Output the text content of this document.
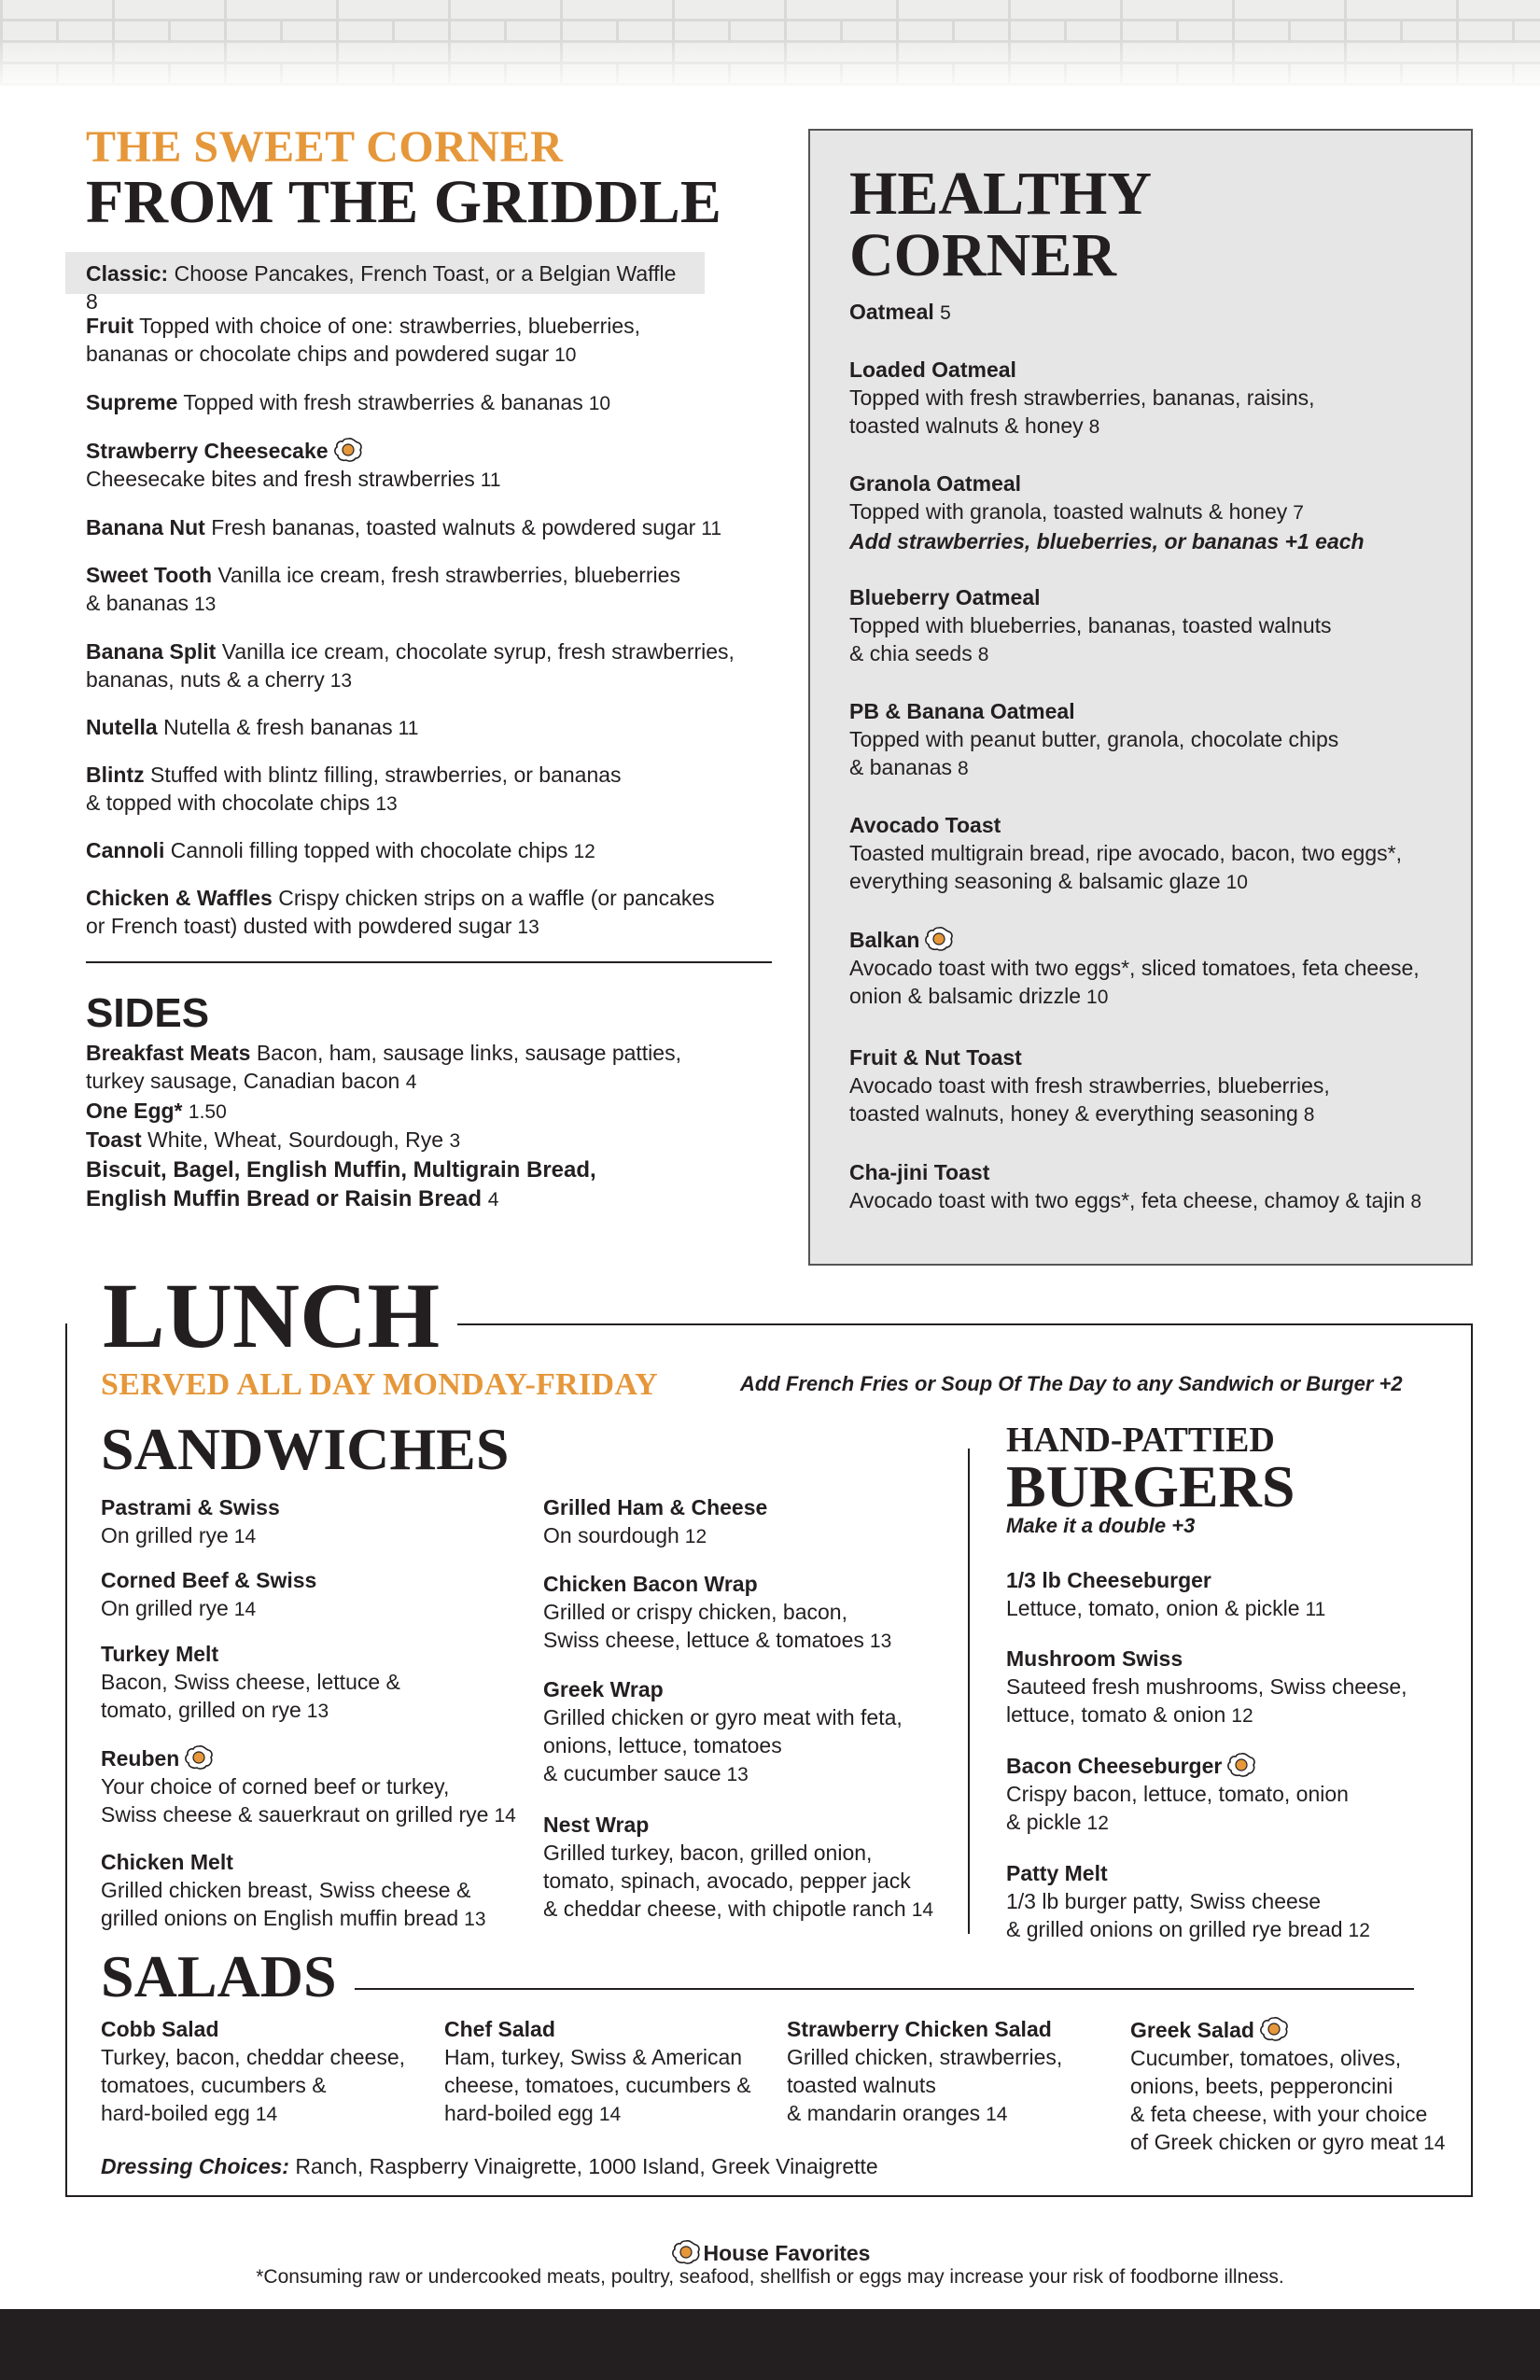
THE SWEET CORNER
FROM THE GRIDDLE
Classic: Choose Pancakes, French Toast, or a Belgian Waffle 8
Fruit Topped with choice of one: strawberries, blueberries,
bananas or chocolate chips and powdered sugar 10
Supreme Topped with fresh strawberries & bananas 10
Strawberry Cheesecake
Cheesecake bites and fresh strawberries 11
Banana Nut Fresh bananas, toasted walnuts & powdered sugar 11
Sweet Tooth Vanilla ice cream, fresh strawberries, blueberries
& bananas 13
Banana Split Vanilla ice cream, chocolate syrup, fresh strawberries,
bananas, nuts & a cherry 13
Nutella Nutella & fresh bananas 11
Blintz Stuffed with blintz filling, strawberries, or bananas
& topped with chocolate chips 13
Cannoli Cannoli filling topped with chocolate chips 12
Chicken & Waffles Crispy chicken strips on a waffle (or pancakes
or French toast) dusted with powdered sugar 13
SIDES
Breakfast Meats Bacon, ham, sausage links, sausage patties,
turkey sausage, Canadian bacon 4
One Egg* 1.50
Toast White, Wheat, Sourdough, Rye 3
Biscuit, Bagel, English Muffin, Multigrain Bread,
English Muffin Bread or Raisin Bread 4
HEALTHY
CORNER
Oatmeal 5
Loaded Oatmeal
Topped with fresh strawberries, bananas, raisins,
toasted walnuts & honey 8
Granola Oatmeal
Topped with granola, toasted walnuts & honey 7
Add strawberries, blueberries, or bananas +1 each
Blueberry Oatmeal
Topped with blueberries, bananas, toasted walnuts
& chia seeds 8
PB & Banana Oatmeal
Topped with peanut butter, granola, chocolate chips
& bananas 8
Avocado Toast
Toasted multigrain bread, ripe avocado, bacon, two eggs*,
everything seasoning & balsamic glaze 10
Balkan
Avocado toast with two eggs*, sliced tomatoes, feta cheese,
onion & balsamic drizzle 10
Fruit & Nut Toast
Avocado toast with fresh strawberries, blueberries,
toasted walnuts, honey & everything seasoning 8
Cha-jini Toast
Avocado toast with two eggs*, feta cheese, chamoy & tajin 8
LUNCH
SERVED ALL DAY MONDAY-FRIDAY	Add French Fries or Soup Of The Day to any Sandwich or Burger +2
SANDWICHES
Pastrami & Swiss
On grilled rye 14
Corned Beef & Swiss
On grilled rye 14
Turkey Melt
Bacon, Swiss cheese, lettuce &
tomato, grilled on rye 13
Reuben
Your choice of corned beef or turkey,
Swiss cheese & sauerkraut on grilled rye 14
Chicken Melt
Grilled chicken breast, Swiss cheese &
grilled onions on English muffin bread 13
Grilled Ham & Cheese
On sourdough 12
Chicken Bacon Wrap
Grilled or crispy chicken, bacon,
Swiss cheese, lettuce & tomatoes 13
Greek Wrap
Grilled chicken or gyro meat with feta,
onions, lettuce, tomatoes
& cucumber sauce 13
Nest Wrap
Grilled turkey, bacon, grilled onion,
tomato, spinach, avocado, pepper jack
& cheddar cheese, with chipotle ranch 14
HAND-PATTIED
BURGERS
Make it a double +3
1/3 lb Cheeseburger
Lettuce, tomato, onion & pickle 11
Mushroom Swiss
Sauteed fresh mushrooms, Swiss cheese,
lettuce, tomato & onion 12
Bacon Cheeseburger
Crispy bacon, lettuce, tomato, onion
& pickle 12
Patty Melt
1/3 lb burger patty, Swiss cheese
& grilled onions on grilled rye bread 12
SALADS
Cobb Salad
Turkey, bacon, cheddar cheese,
tomatoes, cucumbers &
hard-boiled egg 14
Chef Salad
Ham, turkey, Swiss & American
cheese, tomatoes, cucumbers &
hard-boiled egg 14
Strawberry Chicken Salad
Grilled chicken, strawberries,
toasted walnuts
& mandarin oranges 14
Greek Salad
Cucumber, tomatoes, olives,
onions, beets, pepperoncini
& feta cheese, with your choice
of Greek chicken or gyro meat 14
Dressing Choices: Ranch, Raspberry Vinaigrette, 1000 Island, Greek Vinaigrette
House Favorites
*Consuming raw or undercooked meats, poultry, seafood, shellfish or eggs may increase your risk of foodborne illness.
